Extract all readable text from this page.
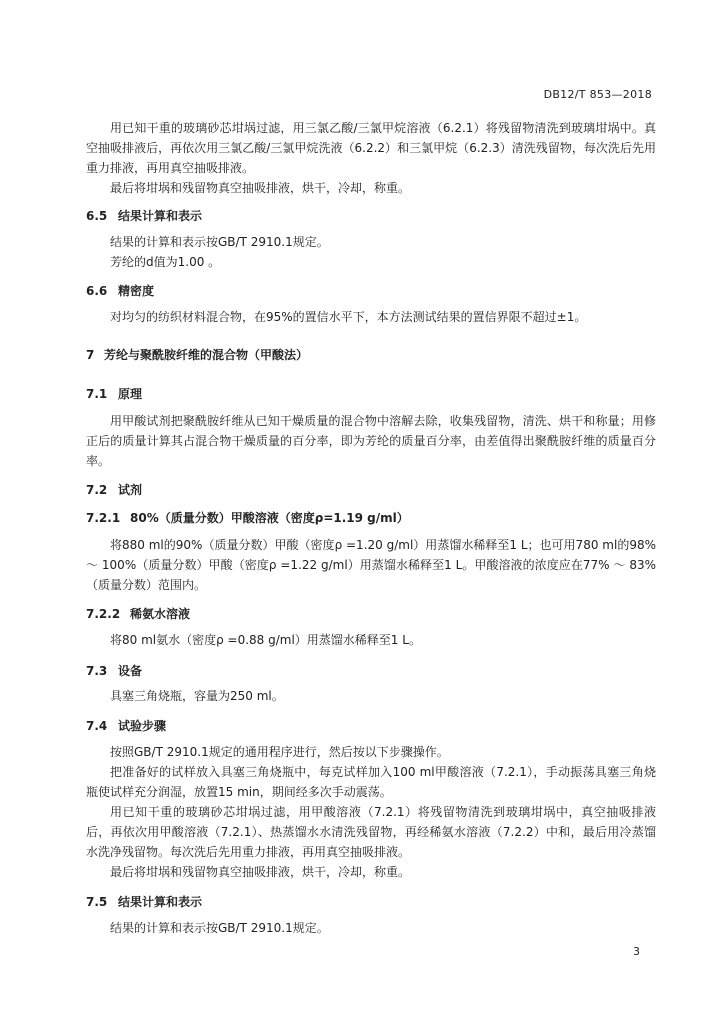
DB12/T 853—2018

用已知干重的玻璃砂芯坩埚过滤，用三氯乙酸/三氯甲烷溶液（6.2.1）将残留物清洗到玻璃坩埚中。真空抽吸排液后，再依次用三氯乙酸/三氯甲烷洗液（6.2.2）和三氯甲烷（6.2.3）清洗残留物，每次洗后先用重力排液，再用真空抽吸排液。

最后将坩埚和残留物真空抽吸排液，烘干，冷却，称重。

6.5 结果计算和表示

结果的计算和表示按GB/T 2910.1规定。

芳纶的d值为1.00 。

6.6 精密度

对均匀的纺织材料混合物，在95%的置信水平下，本方法测试结果的置信界限不超过±1。

7 芳纶与聚酰胺纤维的混合物（甲酸法）
7.1 原理

用甲酸试剂把聚酰胺纤维从已知干燥质量的混合物中溶解去除，收集残留物，清洗、烘干和称量；用修正后的质量计算其占混合物干燥质量的百分率，即为芳纶的质量百分率，由差值得出聚酰胺纤维的质量百分率。

7.2 试剂
7.2.1 80%（质量分数）甲酸溶液（密度ρ=1.19 g/ml）

将880 ml的90%（质量分数）甲酸（密度ρ =1.20 g/ml）用蒸馏水稀释至1 L；也可用780 ml的98% ～ 100%（质量分数）甲酸（密度ρ =1.22 g/ml）用蒸馏水稀释至1 L。甲酸溶液的浓度应在77% ～ 83%（质量分数）范围内。

7.2.2 稀氨水溶液

将80 ml氨水（密度ρ =0.88 g/ml）用蒸馏水稀释至1 L。

7.3 设备

具塞三角烧瓶，容量为250 ml。

7.4 试验步骤

按照GB/T 2910.1规定的通用程序进行，然后按以下步骤操作。

把准备好的试样放入具塞三角烧瓶中，每克试样加入100 ml甲酸溶液（7.2.1），手动振荡具塞三角烧瓶使试样充分润湿，放置15 min，期间经多次手动震荡。

用已知干重的玻璃砂芯坩埚过滤，用甲酸溶液（7.2.1）将残留物清洗到玻璃坩埚中，真空抽吸排液后，再依次用甲酸溶液（7.2.1）、热蒸馏水水清洗残留物，再经稀氨水溶液（7.2.2）中和，最后用冷蒸馏水洗净残留物。每次洗后先用重力排液，再用真空抽吸排液。

最后将坩埚和残留物真空抽吸排液，烘干，冷却，称重。

7.5 结果计算和表示

结果的计算和表示按GB/T 2910.1规定。

3
